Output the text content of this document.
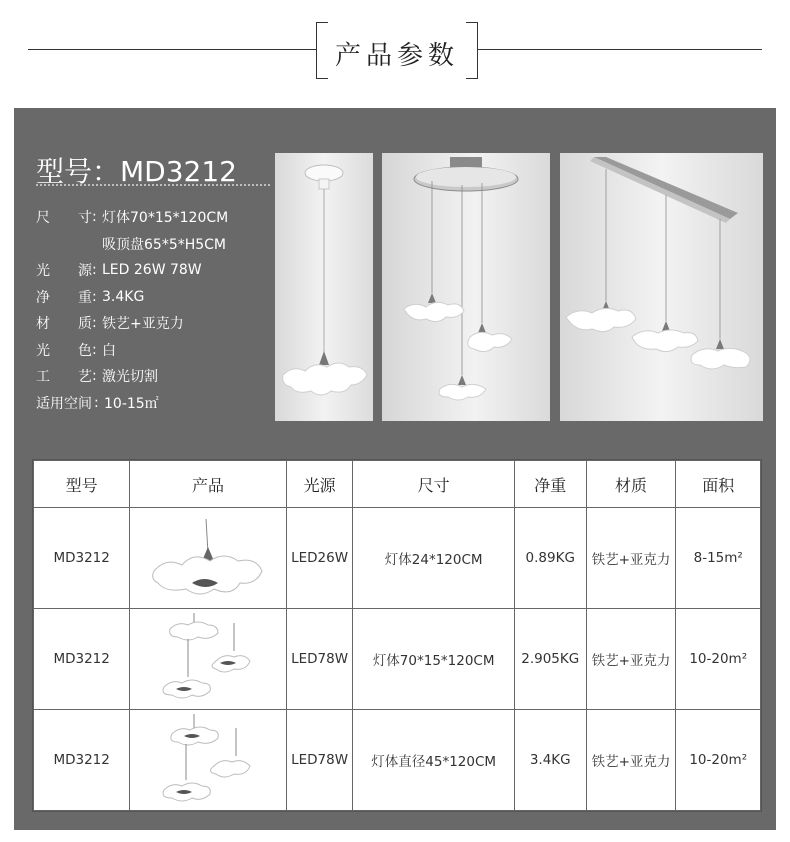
产品参数
型号：MD3212
尺 寸 : 灯体70*15*120CM
吸顶盘65*5*H5CM
光 源 : LED 26W 78W
净 重 : 3.4KG
材 质 : 铁艺+亚克力
光 色 : 白
工 艺 : 激光切割
适用空间 : 10-15㎡
型号	产品	光源	尺寸	净重	材质	面积
MD3212		LED26W	灯体24*120CM	0.89KG	铁艺+亚克力	8-15m²
MD3212		LED78W	灯体70*15*120CM	2.905KG	铁艺+亚克力	10-20m²
MD3212		LED78W	灯体直径45*120CM	3.4KG	铁艺+亚克力	10-20m²
